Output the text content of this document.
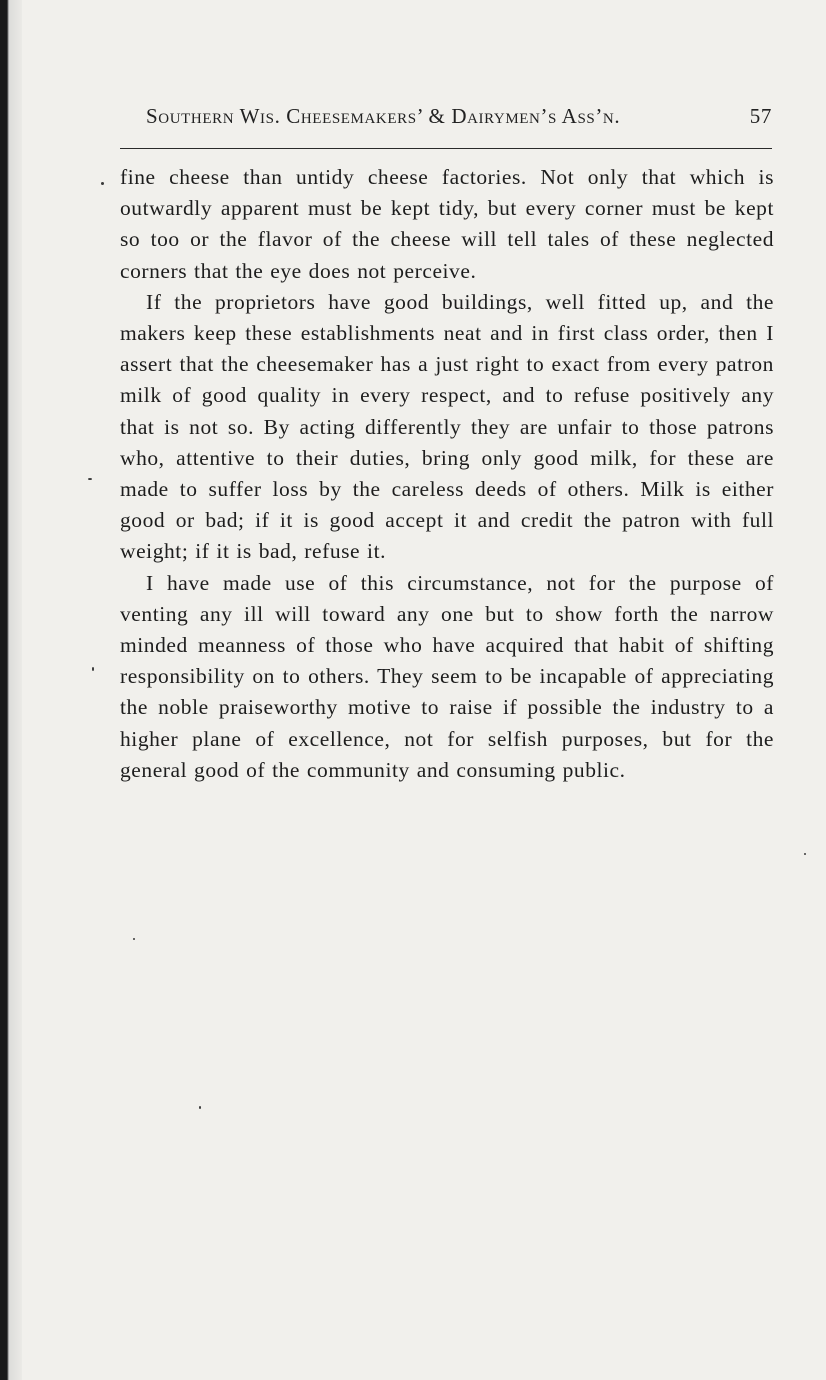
Southern Wis. Cheesemakers’ & Dairymen’s Ass’n.	57

fine cheese than untidy cheese factories. Not only that which is outwardly apparent must be kept tidy, but every corner must be kept so too or the flavor of the cheese will tell tales of these neglected corners that the eye does not perceive.

If the proprietors have good buildings, well fitted up, and the makers keep these establishments neat and in first class order, then I assert that the cheesemaker has a just right to exact from every patron milk of good quality in every respect, and to refuse positively any that is not so. By acting differently they are unfair to those patrons who, attentive to their duties, bring only good milk, for these are made to suffer loss by the careless deeds of others. Milk is either good or bad; if it is good accept it and credit the patron with full weight; if it is bad, refuse it.

I have made use of this circumstance, not for the purpose of venting any ill will toward any one but to show forth the narrow minded meanness of those who have acquired that habit of shifting responsibility on to others. They seem to be incapable of appreciating the noble praiseworthy motive to raise if possible the industry to a higher plane of excellence, not for selfish purposes, but for the general good of the community and consuming public.
